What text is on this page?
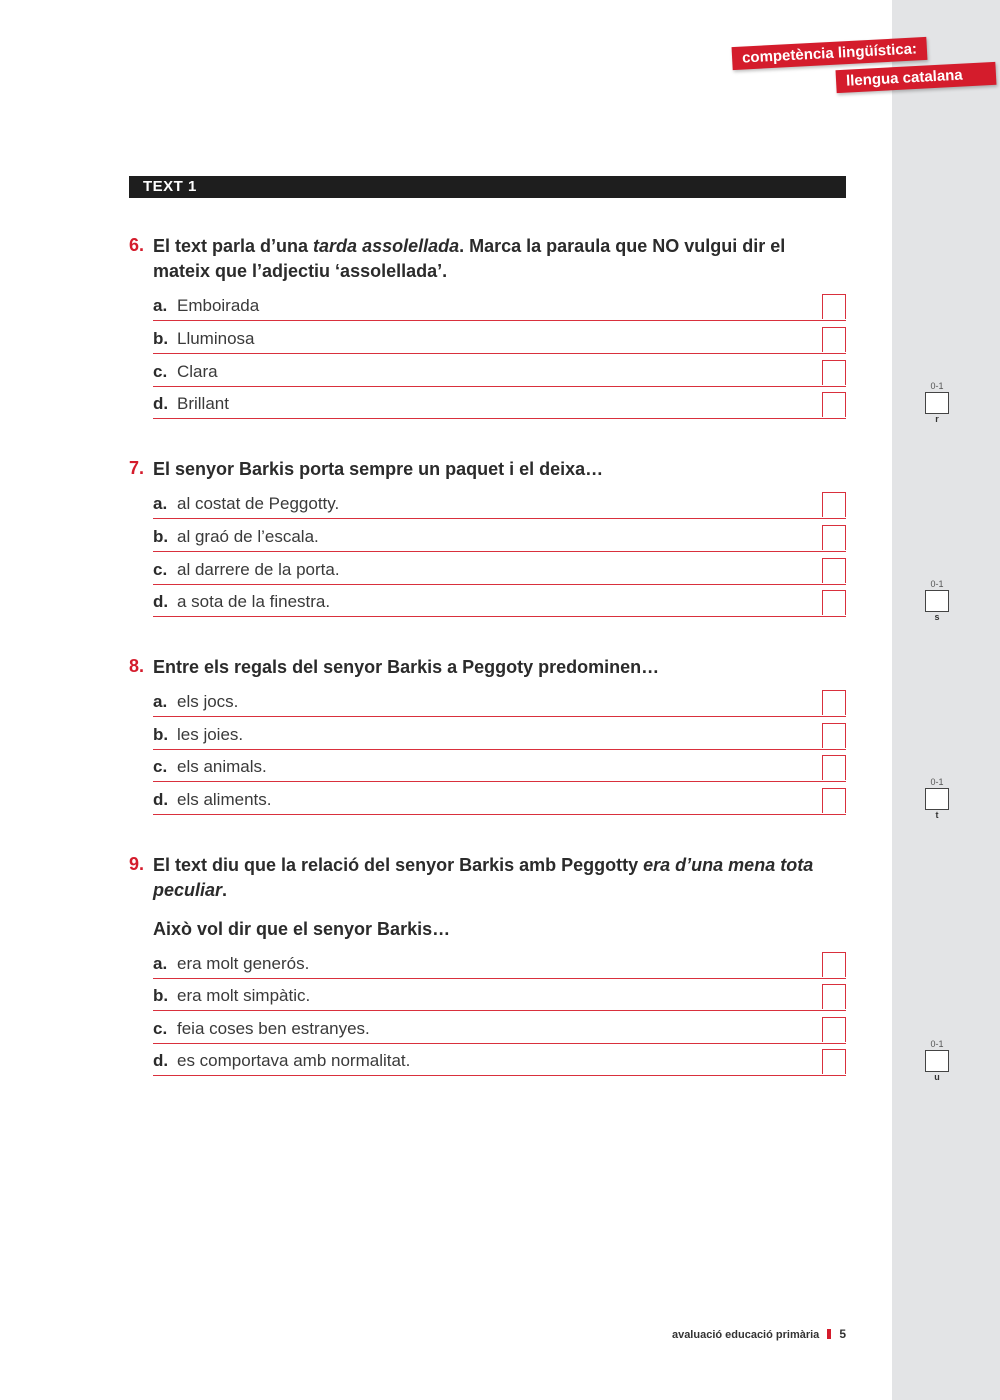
competència lingüística:
llengua catalana
TEXT 1
6. El text parla d’una tarda assolellada. Marca la paraula que NO vulgui dir el mateix que l’adjectiu ‘assolellada’.
a. Emboirada
b. Lluminosa
c. Clara
d. Brillant
0-1
r
7. El senyor Barkis porta sempre un paquet i el deixa…
a. al costat de Peggotty.
b. al graó de l’escala.
c. al darrere de la porta.
d. a sota de la finestra.
0-1
s
8. Entre els regals del senyor Barkis a Peggoty predominen…
a. els jocs.
b. les joies.
c. els animals.
d. els aliments.
0-1
t
9. El text diu que la relació del senyor Barkis amb Peggotty era d’una mena tota peculiar.
Això vol dir que el senyor Barkis…
a. era molt generós.
b. era molt simpàtic.
c. feia coses ben estranyes.
d. es comportava amb normalitat.
0-1
u
avaluació educació primària 5
